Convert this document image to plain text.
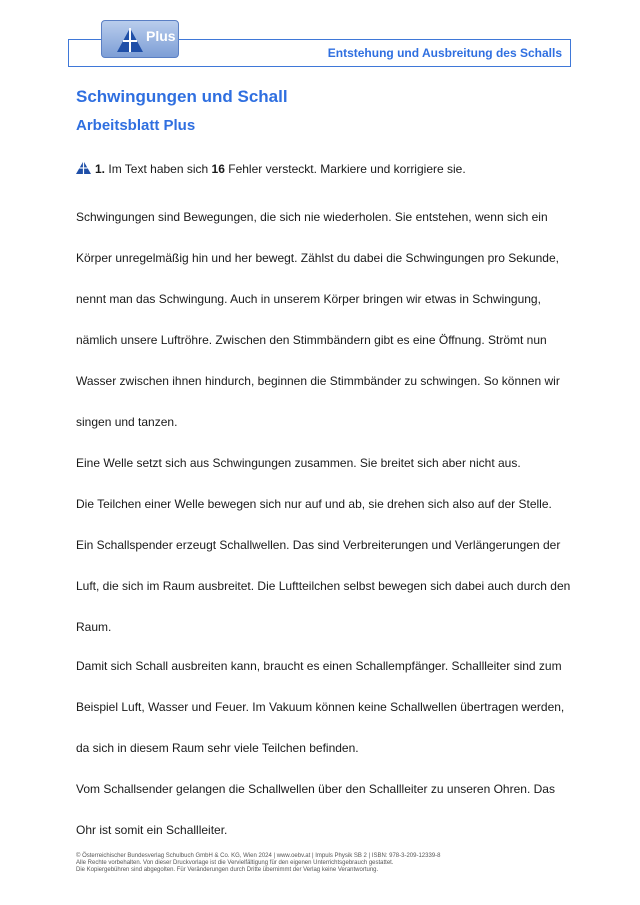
Entstehung und Ausbreitung des Schalls
Plus
Schwingungen und Schall
Arbeitsblatt Plus
1. Im Text haben sich 16 Fehler versteckt. Markiere und korrigiere sie.
Schwingungen sind Bewegungen, die sich nie wiederholen. Sie entstehen, wenn sich ein
Körper unregelmäßig hin und her bewegt. Zählst du dabei die Schwingungen pro Sekunde,
nennt man das Schwingung. Auch in unserem Körper bringen wir etwas in Schwingung,
nämlich unsere Luftröhre. Zwischen den Stimmbändern gibt es eine Öffnung. Strömt nun
Wasser zwischen ihnen hindurch, beginnen die Stimmbänder zu schwingen. So können wir
singen und tanzen.
Eine Welle setzt sich aus Schwingungen zusammen. Sie breitet sich aber nicht aus.
Die Teilchen einer Welle bewegen sich nur auf und ab, sie drehen sich also auf der Stelle.
Ein Schallspender erzeugt Schallwellen. Das sind Verbreiterungen und Verlängerungen der
Luft, die sich im Raum ausbreitet. Die Luftteilchen selbst bewegen sich dabei auch durch den
Raum.
Damit sich Schall ausbreiten kann, braucht es einen Schallempfänger. Schallleiter sind zum
Beispiel Luft, Wasser und Feuer. Im Vakuum können keine Schallwellen übertragen werden,
da sich in diesem Raum sehr viele Teilchen befinden.
Vom Schallsender gelangen die Schallwellen über den Schallleiter zu unseren Ohren. Das
Ohr ist somit ein Schallleiter.
© Österreichischer Bundesverlag Schulbuch GmbH & Co. KG, Wien 2024 | www.oebv.at | Impuls Physik SB 2 | ISBN: 978-3-209-12339-8
Alle Rechte vorbehalten. Von dieser Druckvorlage ist die Vervielfältigung für den eigenen Unterrichtsgebrauch gestattet.
Die Kopiergebühren sind abgegolten. Für Veränderungen durch Dritte übernimmt der Verlag keine Verantwortung.
